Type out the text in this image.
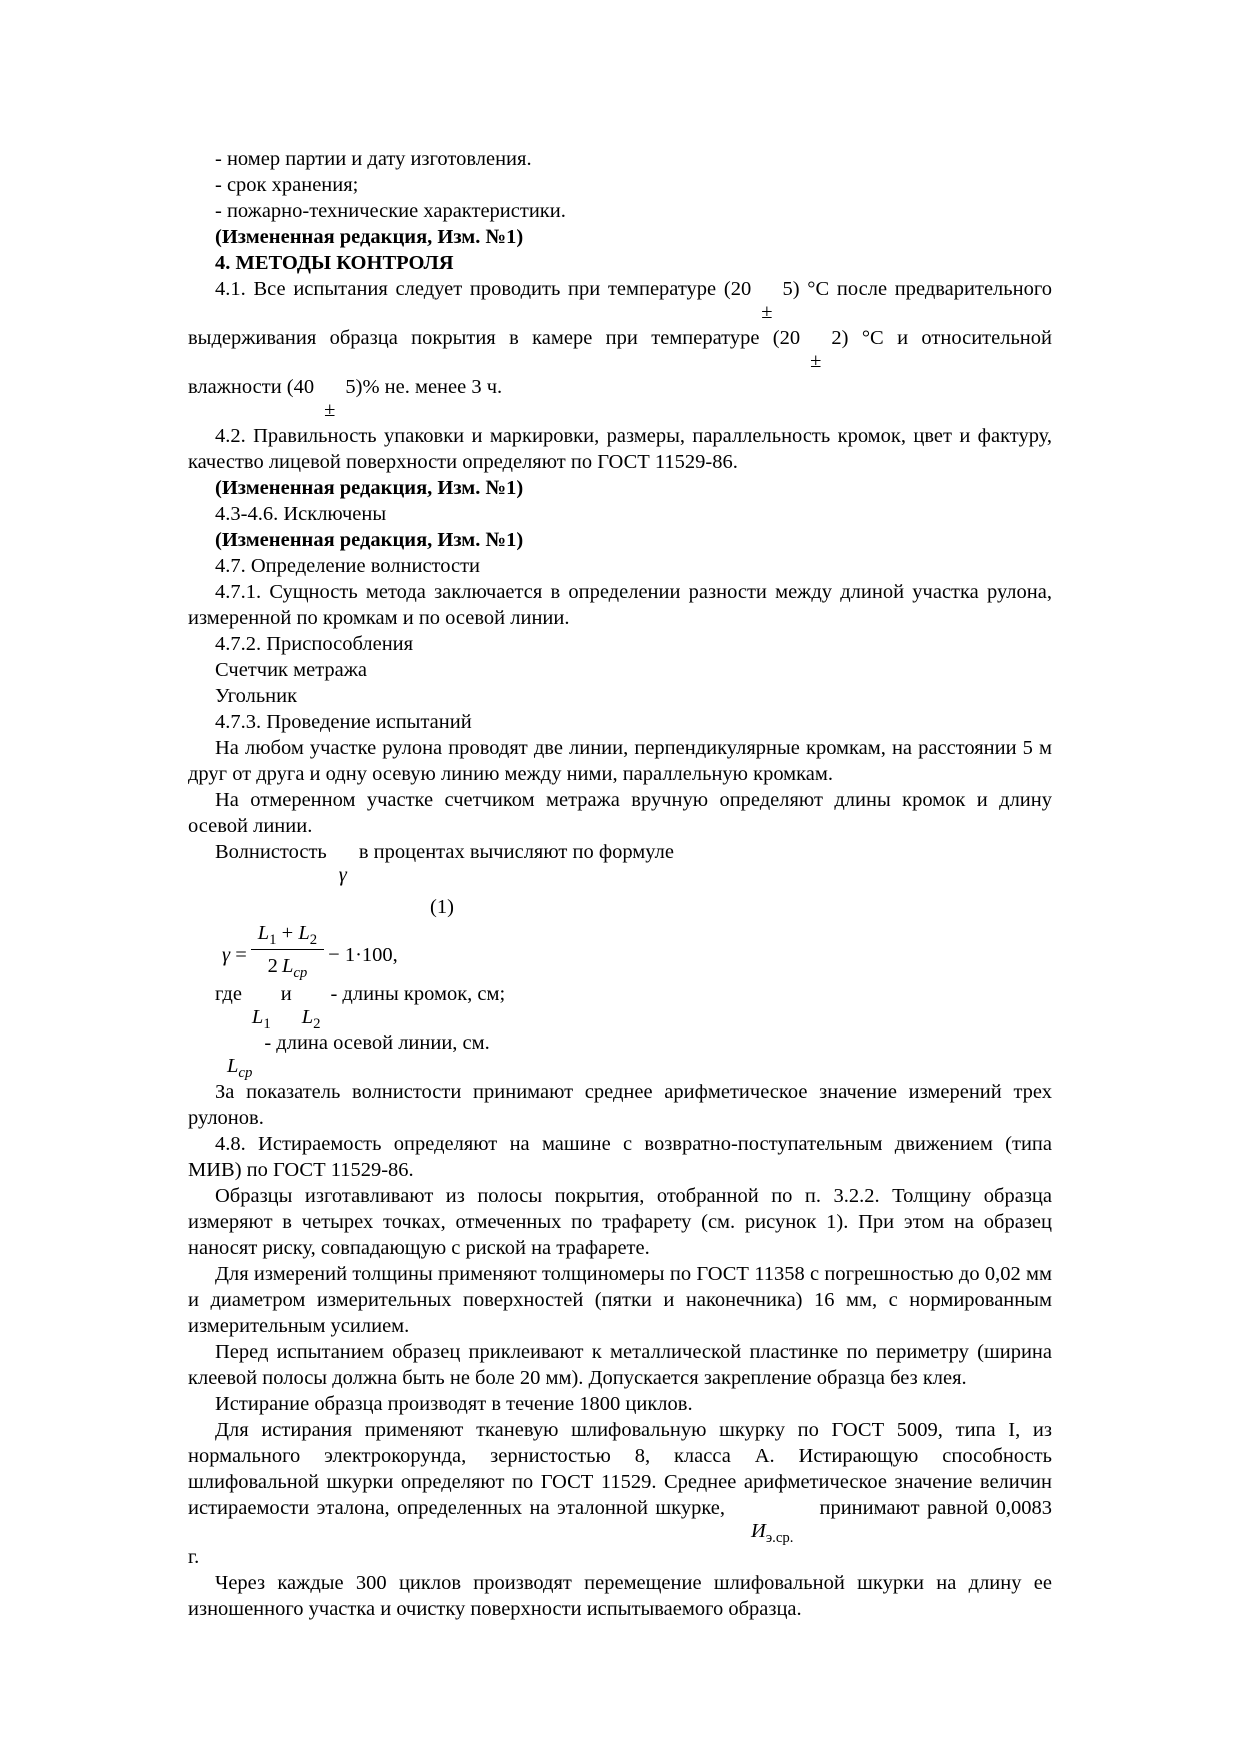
- номер партии и дату изготовления.

- срок хранения;

- пожарно-технические характеристики.

(Измененная редакция, Изм. №1)

4. МЕТОДЫ КОНТРОЛЯ

4.1. Все испытания следует проводить при температуре (20±5) °С после предварительного выдерживания образца покрытия в камере при температуре (20±2) °С и относительной влажности (40±5)% не. менее 3 ч.

4.2. Правильность упаковки и маркировки, размеры, параллельность кромок, цвет и фактуру, качество лицевой поверхности определяют по ГОСТ 11529-86.

(Измененная редакция, Изм. №1)

4.3-4.6. Исключены

(Измененная редакция, Изм. №1)

4.7. Определение волнистости

4.7.1. Сущность метода заключается в определении разности между длиной участка рулона, измеренной по кромкам и по осевой линии.

4.7.2. Приспособления

Счетчик метража

Угольник

4.7.3. Проведение испытаний

На любом участке рулона проводят две линии, перпендикулярные кромкам, на расстоянии 5 м друг от друга и одну осевую линию между ними, параллельную кромкам.

На отмеренном участке счетчиком метража вручную определяют длины кромок и длину осевой линии.

Волнистостьγв процентах вычисляют по формуле

(1)

$\gamma = \frac{L_1 + L_2}{2 L_{ср}} - 1\cdot 100$,

$гдеL_1иL_2-$ длины кромок, см;

$L_{ср}-$ длина осевой линии, см.

За показатель волнистости принимают среднее арифметическое значение измерений трех рулонов.

4.8. Истираемость определяют на машине с возвратно-поступательным движением (типа МИВ) по ГОСТ 11529-86.

Образцы изготавливают из полосы покрытия, отобранной по п. 3.2.2. Толщину образца измеряют в четырех точках, отмеченных по трафарету (см. рисунок 1). При этом на образец наносят риску, совпадающую с риской на трафарете.

Для измерений толщины применяют толщиномеры по ГОСТ 11358 с погрешностью до 0,02 мм и диаметром измерительных поверхностей (пятки и наконечника) 16 мм, с нормированным измерительным усилием.

Перед испытанием образец приклеивают к металлической пластинке по периметру (ширина клеевой полосы должна быть не боле 20 мм). Допускается закрепление образца без клея.

Истирание образца производят в течение 1800 циклов.

Для истирания применяют тканевую шлифовальную шкурку по ГОСТ 5009, типа I, из нормального электрокорунда, зернистостью 8, класса А. Истирающую способность шлифовальной шкурки определяют по ГОСТ 11529. Среднее арифметическое значение величин истираемости эталона, определенных на эталонной $шкурке,И_{э.ср.}принимают$ равной 0,0083 г.

Через каждые 300 циклов производят перемещение шлифовальной шкурки на длину ее изношенного участка и очистку поверхности испытываемого образца.
